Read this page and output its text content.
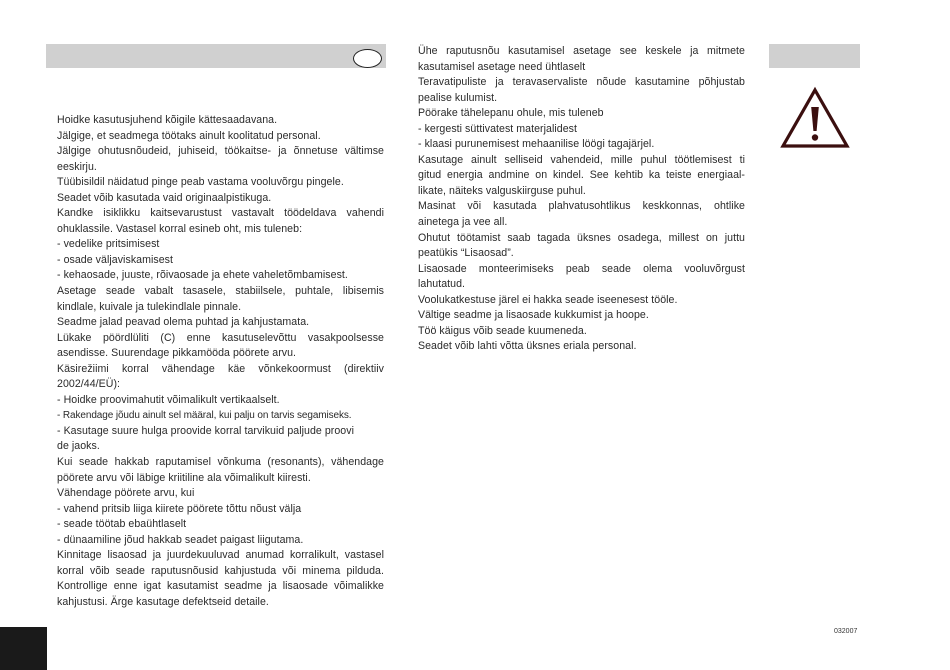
Hoidke kasutusjuhend kõigile kättesaadavana.
Jälgige, et seadmega töötaks ainult koolitatud personal.
Jälgige ohutusnõudeid, juhiseid, töökaitse- ja õnnetuse vältimse
eeskirju.
Tüübisildil näidatud pinge peab vastama vooluvõrgu pingele.
Seadet võib kasutada vaid originaalpistikuga.
Kandke isiklikku kaitsevarustust vastavalt töödeldava vahendi
ohuklassile. Vastasel korral esineb oht, mis tuleneb:
- vedelike pritsimisest
- osade väljaviskamisest
- kehaosade, juuste, rõivaosade ja ehete vaheletõmbamisest.
Asetage seade vabalt tasasele, stabiilsele, puhtale, libisemis
kindlale, kuivale ja tulekindlale pinnale.
Seadme jalad peavad olema puhtad ja kahjustamata.
Lükake pöördlüliti (C) enne kasutuselevõttu vasakpoolsesse
asendisse. Suurendage pikkamööda pöörete arvu.
Käsirežiimi korral vähendage käe võnkekoormust (direktiiv
2002/44/EÜ):
- Hoidke proovimahutit võimalikult vertikaalselt.
- Rakendage jõudu ainult sel määral, kui palju on tarvis segamiseks.
- Kasutage suure hulga proovide korral tarvikuid paljude proovi
de jaoks.
Kui seade hakkab raputamisel võnkuma (resonants), vähendage
pöörete arvu või läbige kriitiline ala võimalikult kiiresti.
Vähendage pöörete arvu, kui
- vahend pritsib liiga kiirete pöörete tõttu nõust välja
- seade töötab ebaühtlaselt
- dünaamiline jõud hakkab seadet paigast liigutama.
Kinnitage lisaosad ja juurdekuuluvad anumad korralikult, vastasel
korral võib seade raputusnõusid kahjustuda või minema pilduda.
Kontrollige enne igat kasutamist seadme ja lisaosade võimalikke
kahjustusi. Ärge kasutage defektseid detaile.
Ühe raputusnõu kasutamisel asetage see keskele ja mitmete
kasutamisel asetage need ühtlaselt
Teravatipuliste ja teravaservaliste nõude kasutamine põhjustab
pealise kulumist.
Pöörake tähelepanu ohule, mis tuleneb
- kergesti süttivatest materjalidest
- klaasi purunemisest mehaanilise löögi tagajärjel.
Kasutage ainult selliseid vahendeid, mille puhul töötlemisest ti
gitud energia andmine on kindel. See kehtib ka teiste energiaal-
likate, näiteks valguskiirguse puhul.
Masinat või kasutada plahvatusohtlikus keskkonnas, ohtlike
ainetega ja vee all.
Ohutut töötamist saab tagada üksnes osadega, millest on juttu
peatükis “Lisaosad”.
Lisaosade monteerimiseks peab seade olema vooluvõrgust
lahutatud.
Voolukatkestuse järel ei hakka seade iseenesest tööle.
Vältige seadme ja lisaosade kukkumist ja hoope.
Töö käigus võib seade kuumeneda.
Seadet võib lahti võtta üksnes eriala personal.
032007
